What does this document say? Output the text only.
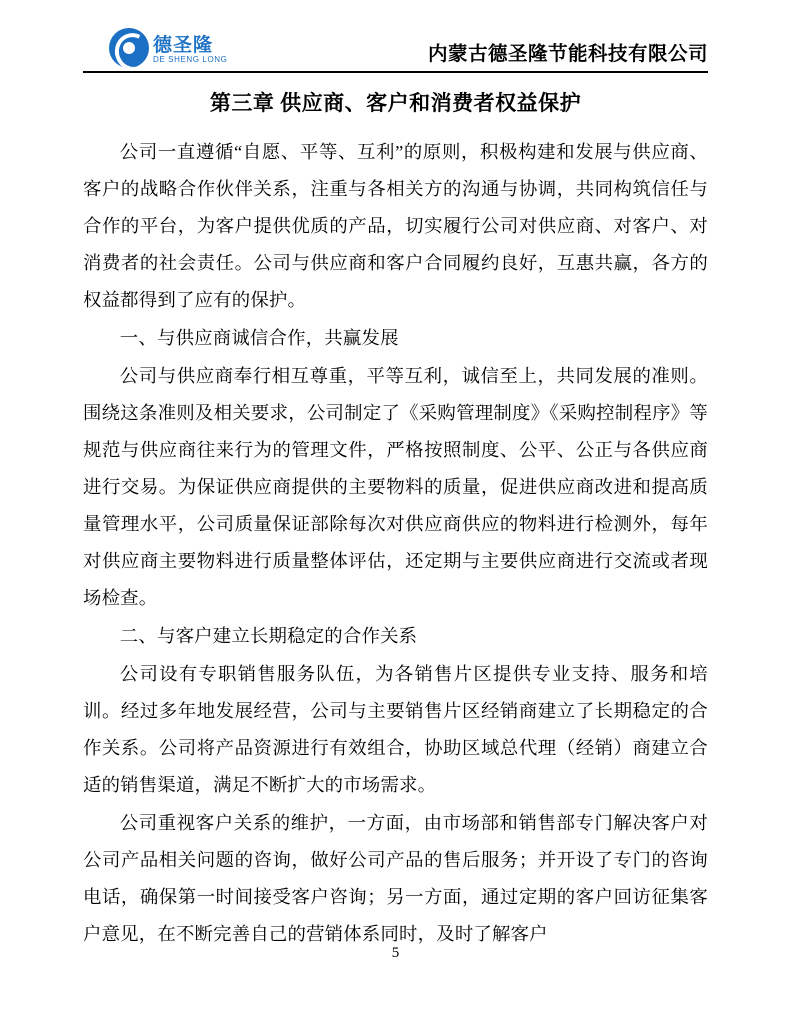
德圣隆
DE SHENG LONG	内蒙古德圣隆节能科技有限公司
第三章 供应商、客户和消费者权益保护

公司一直遵循“自愿、平等、互利”的原则，积极构建和发展与供应商、客户的战略合作伙伴关系，注重与各相关方的沟通与协调，共同构筑信任与合作的平台，为客户提供优质的产品，切实履行公司对供应商、对客户、对消费者的社会责任。公司与供应商和客户合同履约良好，互惠共赢，各方的权益都得到了应有的保护。

一、与供应商诚信合作，共赢发展

公司与供应商奉行相互尊重，平等互利，诚信至上，共同发展的准则。围绕这条准则及相关要求，公司制定了《采购管理制度》《采购控制程序》等规范与供应商往来行为的管理文件，严格按照制度、公平、公正与各供应商进行交易。为保证供应商提供的主要物料的质量，促进供应商改进和提高质量管理水平，公司质量保证部除每次对供应商供应的物料进行检测外，每年对供应商主要物料进行质量整体评估，还定期与主要供应商进行交流或者现场检查。

二、与客户建立长期稳定的合作关系

公司设有专职销售服务队伍，为各销售片区提供专业支持、服务和培训。经过多年地发展经营，公司与主要销售片区经销商建立了长期稳定的合作关系。公司将产品资源进行有效组合，协助区域总代理（经销）商建立合适的销售渠道，满足不断扩大的市场需求。

公司重视客户关系的维护，一方面，由市场部和销售部专门解决客户对公司产品相关问题的咨询，做好公司产品的售后服务；并开设了专门的咨询电话，确保第一时间接受客户咨询；另一方面，通过定期的客户回访征集客户意见，在不断完善自己的营销体系同时，及时了解客户

5
